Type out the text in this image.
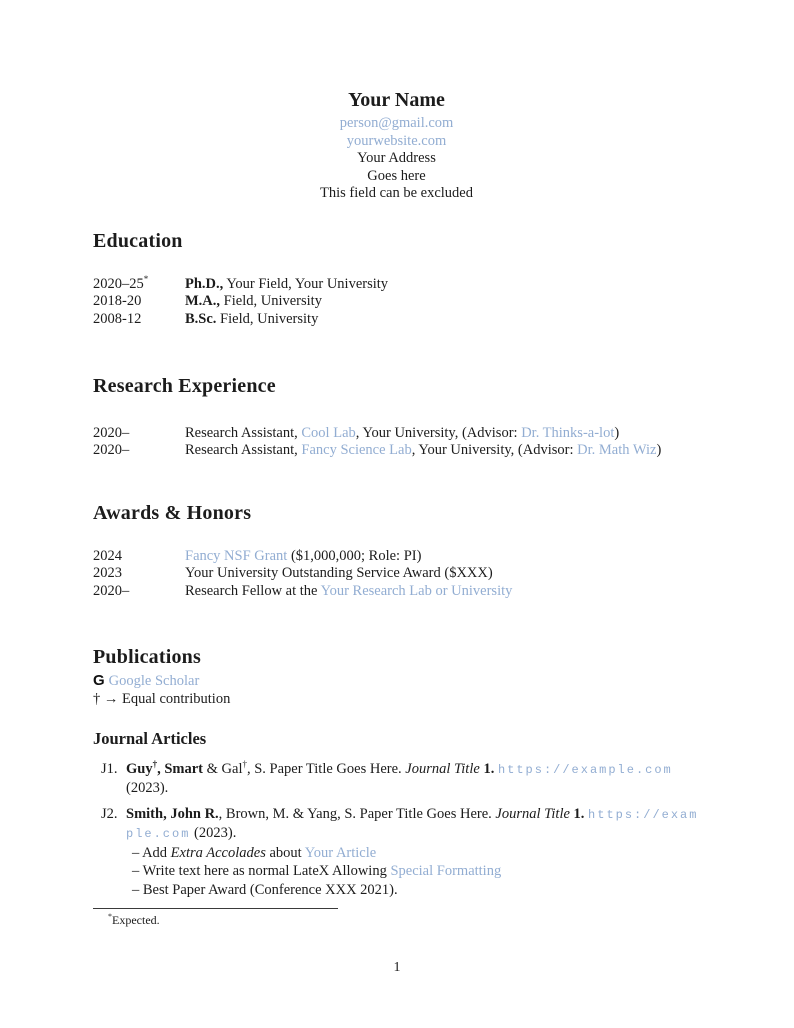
Your Name
person@gmail.com
yourwebsite.com
Your Address
Goes here
This field can be excluded
Education
2020–25*	Ph.D., Your Field, Your University
2018-20	M.A., Field, University
2008-12	B.Sc. Field, University
Research Experience
2020–	Research Assistant, Cool Lab, Your University, (Advisor: Dr. Thinks-a-lot)
2020–	Research Assistant, Fancy Science Lab, Your University, (Advisor: Dr. Math Wiz)
Awards & Honors
2024	Fancy NSF Grant ($1,000,000; Role: PI)
2023	Your University Outstanding Service Award ($XXX)
2020–	Research Fellow at the Your Research Lab or University
Publications
G Google Scholar
† → Equal contribution
Journal Articles
J1. Guy†, Smart & Gal†, S. Paper Title Goes Here. Journal Title 1. https://example.com (2023).
J2. Smith, John R., Brown, M. & Yang, S. Paper Title Goes Here. Journal Title 1. https://example.com (2023).
– Add Extra Accolades about Your Article
– Write text here as normal LateX Allowing Special Formatting
– Best Paper Award (Conference XXX 2021).
*Expected.
1
